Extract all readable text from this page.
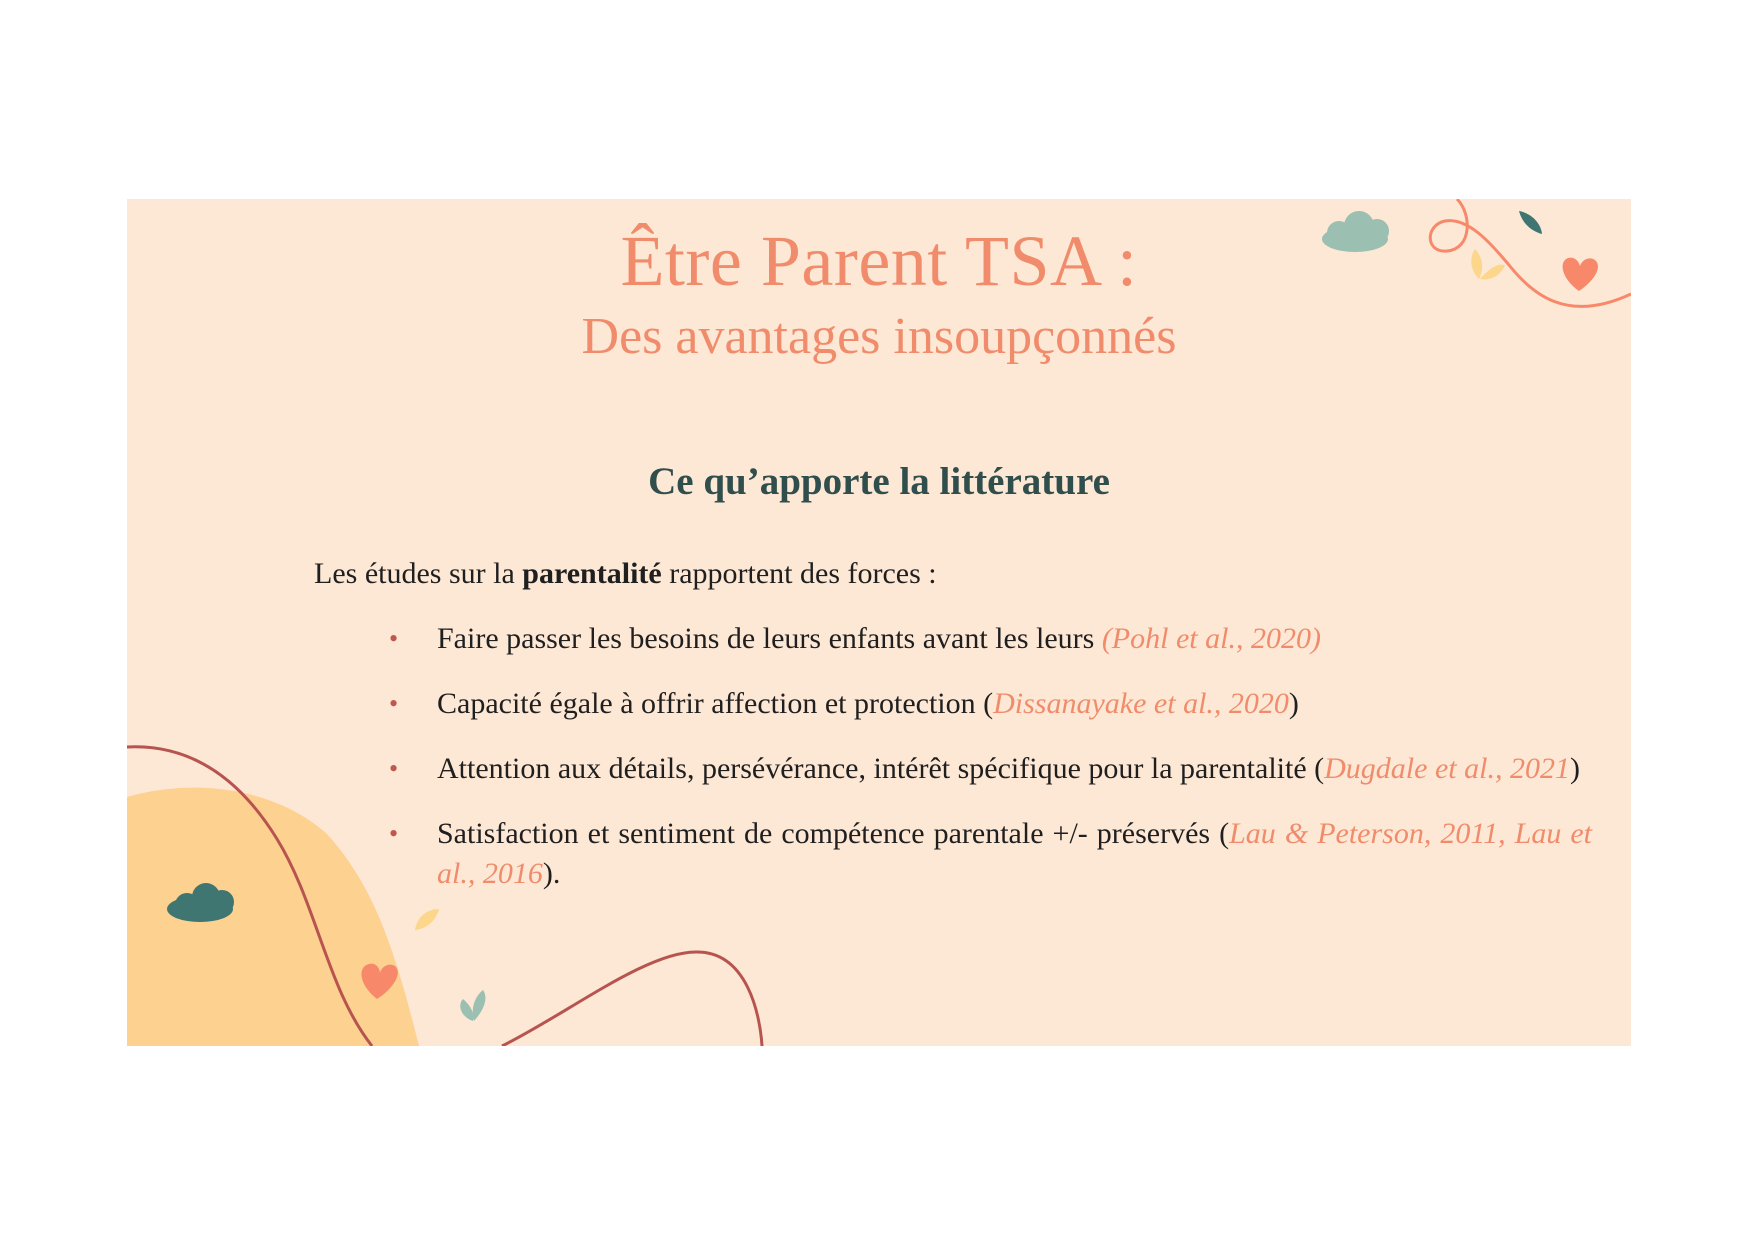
Être Parent TSA :
Des avantages insoupçonnés
Ce qu’apporte la littérature

Les études sur la parentalité rapportent des forces :

• Faire passer les besoins de leurs enfants avant les leurs (Pohl et al., 2020)
• Capacité égale à offrir affection et protection (Dissanayake et al., 2020)
• Attention aux détails, persévérance, intérêt spécifique pour la parentalité (Dugdale et al., 2021)
• Satisfaction et sentiment de compétence parentale +/- préservés (Lau & Peterson, 2011, Lau et al., 2016).
